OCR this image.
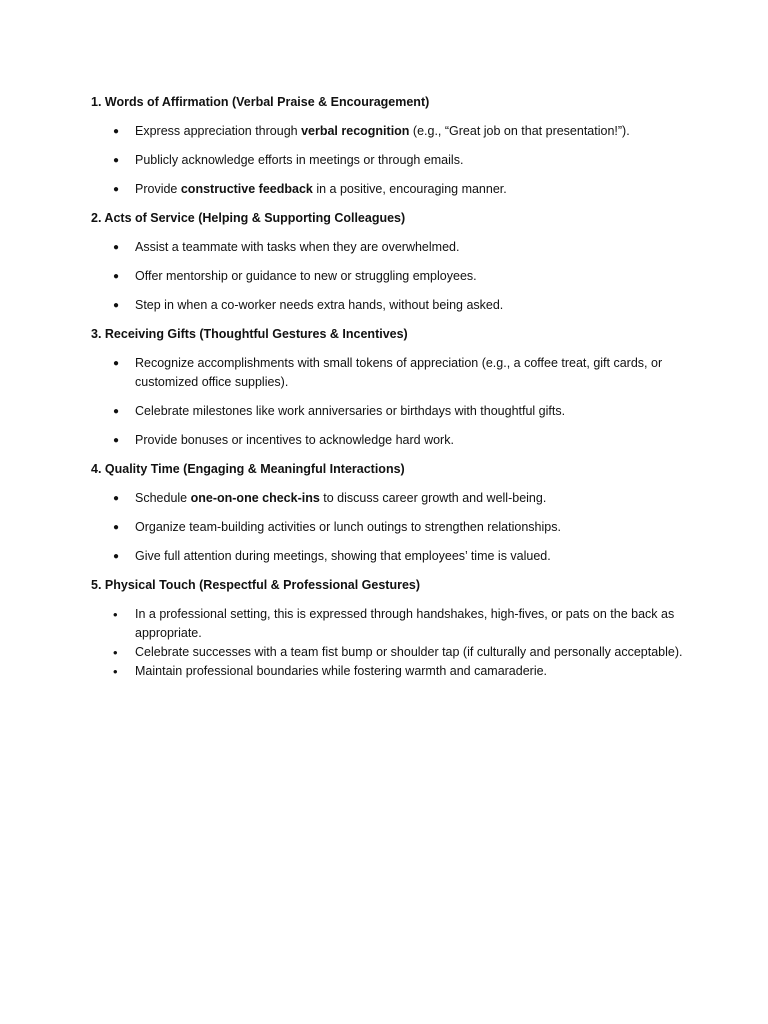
1. Words of Affirmation (Verbal Praise & Encouragement)
● Express appreciation through verbal recognition (e.g., “Great job on that presentation!”).
● Publicly acknowledge efforts in meetings or through emails.
● Provide constructive feedback in a positive, encouraging manner.
2. Acts of Service (Helping & Supporting Colleagues)
● Assist a teammate with tasks when they are overwhelmed.
● Offer mentorship or guidance to new or struggling employees.
● Step in when a co-worker needs extra hands, without being asked.
3. Receiving Gifts (Thoughtful Gestures & Incentives)
● Recognize accomplishments with small tokens of appreciation (e.g., a coffee treat, gift cards, or customized office supplies).
● Celebrate milestones like work anniversaries or birthdays with thoughtful gifts.
● Provide bonuses or incentives to acknowledge hard work.
4. Quality Time (Engaging & Meaningful Interactions)
● Schedule one-on-one check-ins to discuss career growth and well-being.
● Organize team-building activities or lunch outings to strengthen relationships.
● Give full attention during meetings, showing that employees’ time is valued.
5. Physical Touch (Respectful & Professional Gestures)
• In a professional setting, this is expressed through handshakes, high-fives, or pats on the back as appropriate.
• Celebrate successes with a team fist bump or shoulder tap (if culturally and personally acceptable).
• Maintain professional boundaries while fostering warmth and camaraderie.
